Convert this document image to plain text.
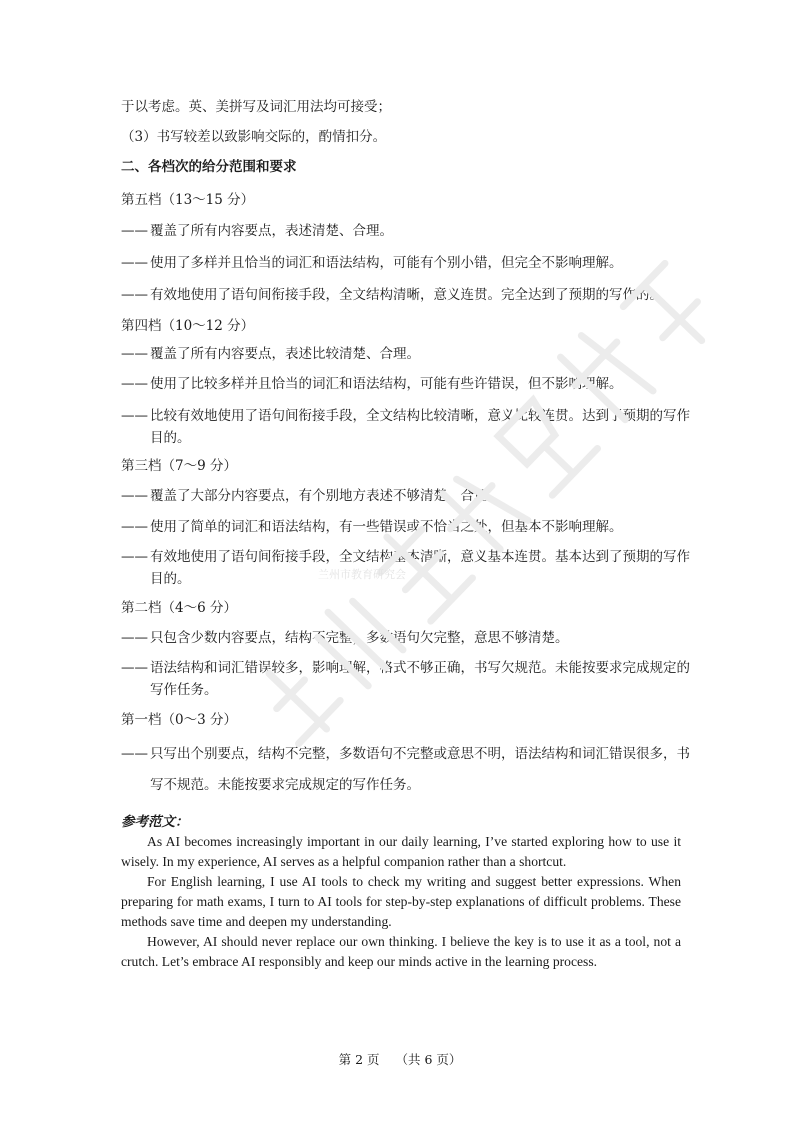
于以考虑。英、美拼写及词汇用法均可接受；
（3）书写较差以致影响交际的，酌情扣分。
二、各档次的给分范围和要求
第五档（13～15 分）
—— 覆盖了所有内容要点，表述清楚、合理。
—— 使用了多样并且恰当的词汇和语法结构，可能有个别小错，但完全不影响理解。
—— 有效地使用了语句间衔接手段，全文结构清晰，意义连贯。完全达到了预期的写作的。
第四档（10～12 分）
—— 覆盖了所有内容要点，表述比较清楚、合理。
—— 使用了比较多样并且恰当的词汇和语法结构，可能有些许错误，但不影响理解。
—— 比较有效地使用了语句间衔接手段，全文结构比较清晰，意义比较连贯。达到了预期的写作目的。
第三档（7～9 分）
—— 覆盖了大部分内容要点，有个别地方表述不够清楚、合理。
—— 使用了简单的词汇和语法结构，有一些错误或不恰当之处，但基本不影响理解。
—— 有效地使用了语句间衔接手段，全文结构基本清晰，意义基本连贯。基本达到了预期的写作目的。
第二档（4～6 分）
—— 只包含少数内容要点，结构不完整，多数语句欠完整，意思不够清楚。
—— 语法结构和词汇错误较多，影响理解，格式不够正确，书写欠规范。未能按要求完成规定的写作任务。
第一档（0～3 分）
—— 只写出个别要点，结构不完整，多数语句不完整或意思不明，语法结构和词汇错误很多，书写不规范。未能按要求完成规定的写作任务。
参考范文：

As AI becomes increasingly important in our daily learning, I’ve started exploring how to use it wisely. In my experience, AI serves as a helpful companion rather than a shortcut.

For English learning, I use AI tools to check my writing and suggest better expressions. When preparing for math exams, I turn to AI tools for step-by-step explanations of difficult problems. These methods save time and deepen my understanding.

However, AI should never replace our own thinking. I believe the key is to use it as a tool, not a crutch. Let’s embrace AI responsibly and keep our minds active in the learning process.

第 2 页 （共 6 页）
兰州市教育研究会
